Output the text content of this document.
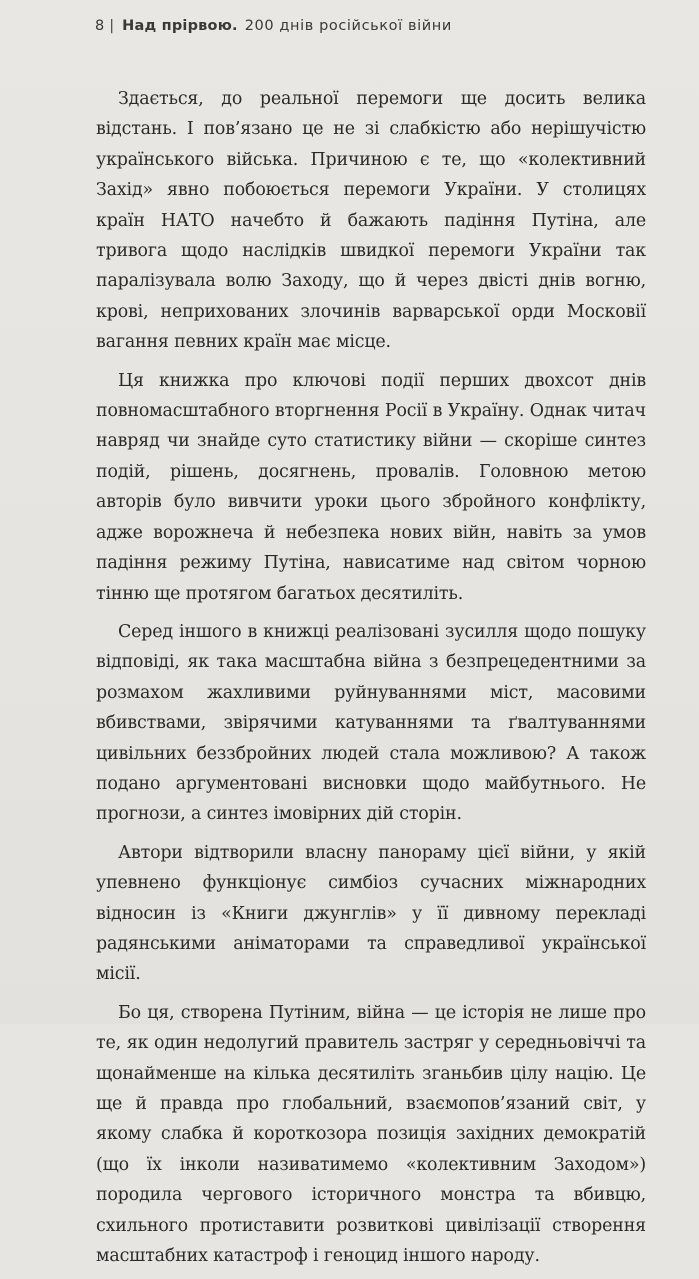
8 | Над прірвою. 200 днів російської війни

Здається, до реальної перемоги ще досить велика відстань. І пов’язано це не зі слабкістю або нерішучістю українського війська. Причиною є те, що «колективний Захід» явно побоюється перемоги України. У столицях країн НАТО начебто й бажають падіння Путіна, але тривога щодо наслідків швидкої перемоги України так паралізувала волю Заходу, що й через двісті днів вогню, крові, неприхованих злочинів варварської орди Московії вагання певних країн має місце.

Ця книжка про ключові події перших двохсот днів повномасштабного вторгнення Росії в Україну. Однак читач навряд чи знайде суто статистику війни — скоріше синтез подій, рішень, досягнень, провалів. Головною метою авторів було вивчити уроки цього збройного конфлікту, адже ворожнеча й небезпека нових війн, навіть за умов падіння режиму Путіна, нависатиме над світом чорною тінню ще протягом багатьох десятиліть.

Серед іншого в книжці реалізовані зусилля щодо пошуку відповіді, як така масштабна війна з безпрецедентними за розмахом жахливими руйнуваннями міст, масовими вбивствами, звірячими катуваннями та ґвалтуваннями цивільних беззбройних людей стала можливою? А також подано аргументовані висновки щодо майбутнього. Не прогнози, а синтез імовірних дій сторін.

Автори відтворили власну панораму цієї війни, у якій упевнено функціонує симбіоз сучасних міжнародних відносин із «Книги джунглів» у її дивному перекладі радянськими аніматорами та справедливої української місії.

Бо ця, створена Путіним, війна — це історія не лише про те, як один недолугий правитель застряг у середньовіччі та щонайменше на кілька десятиліть зганьбив цілу націю. Це ще й правда про глобальний, взаємопов’язаний світ, у якому слабка й короткозора позиція західних демократій (що їх інколи називатимемо «колективним Заходом») породила чергового історичного монстра та вбивцю, схильного протиставити розвиткові цивілізації створення масштабних катастроф і геноцид іншого народу.
